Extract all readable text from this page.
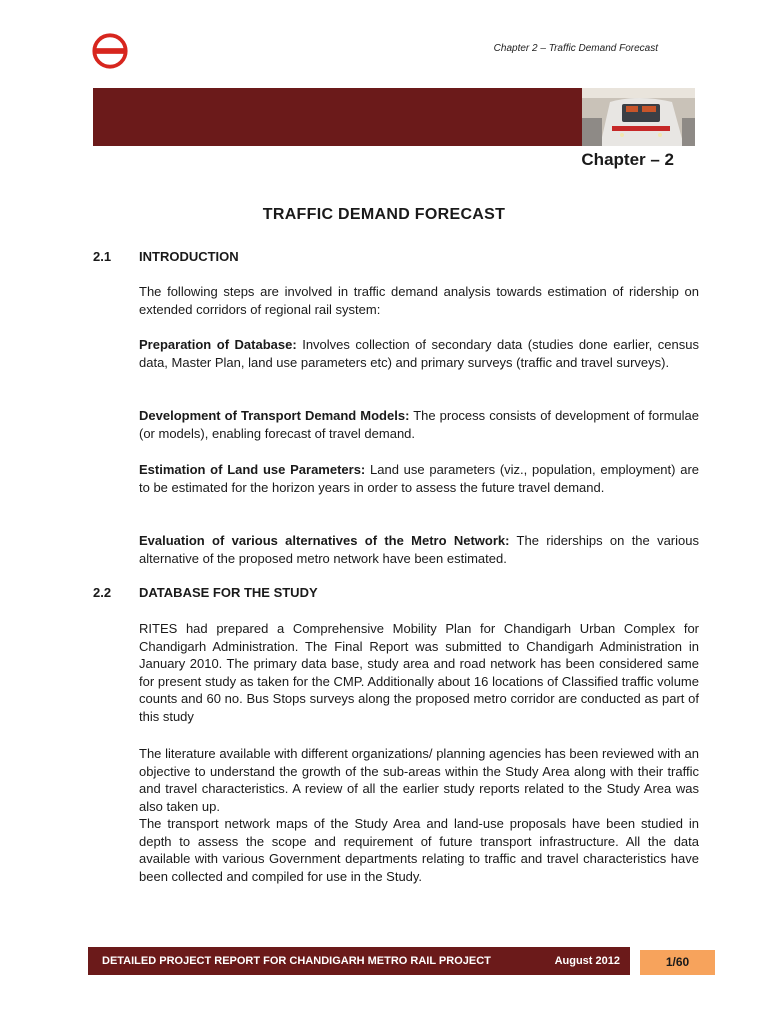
Chapter 2 – Traffic Demand Forecast
Chapter – 2
TRAFFIC DEMAND FORECAST
2.1 INTRODUCTION

The following steps are involved in traffic demand analysis towards estimation of ridership on extended corridors of regional rail system:

Preparation of Database: Involves collection of secondary data (studies done earlier, census data, Master Plan, land use parameters etc) and primary surveys (traffic and travel surveys).

Development of Transport Demand Models: The process consists of development of formulae (or models), enabling forecast of travel demand.

Estimation of Land use Parameters: Land use parameters (viz., population, employment) are to be estimated for the horizon years in order to assess the future travel demand.

Evaluation of various alternatives of the Metro Network: The riderships on the various alternative of the proposed metro network have been estimated.

2.2 DATABASE FOR THE STUDY

RITES had prepared a Comprehensive Mobility Plan for Chandigarh Urban Complex for Chandigarh Administration. The Final Report was submitted to Chandigarh Administration in January 2010. The primary data base, study area and road network has been considered same for present study as taken for the CMP. Additionally about 16 locations of Classified traffic volume counts and 60 no. Bus Stops surveys along the proposed metro corridor are conducted as part of this study

The literature available with different organizations/ planning agencies has been reviewed with an objective to understand the growth of the sub-areas within the Study Area along with their traffic and travel characteristics. A review of all the earlier study reports related to the Study Area was also taken up.

The transport network maps of the Study Area and land-use proposals have been studied in depth to assess the scope and requirement of future transport infrastructure. All the data available with various Government departments relating to traffic and travel characteristics have been collected and compiled for use in the Study.

DETAILED PROJECT REPORT FOR CHANDIGARH METRO RAIL PROJECT	August 2012	1/60
